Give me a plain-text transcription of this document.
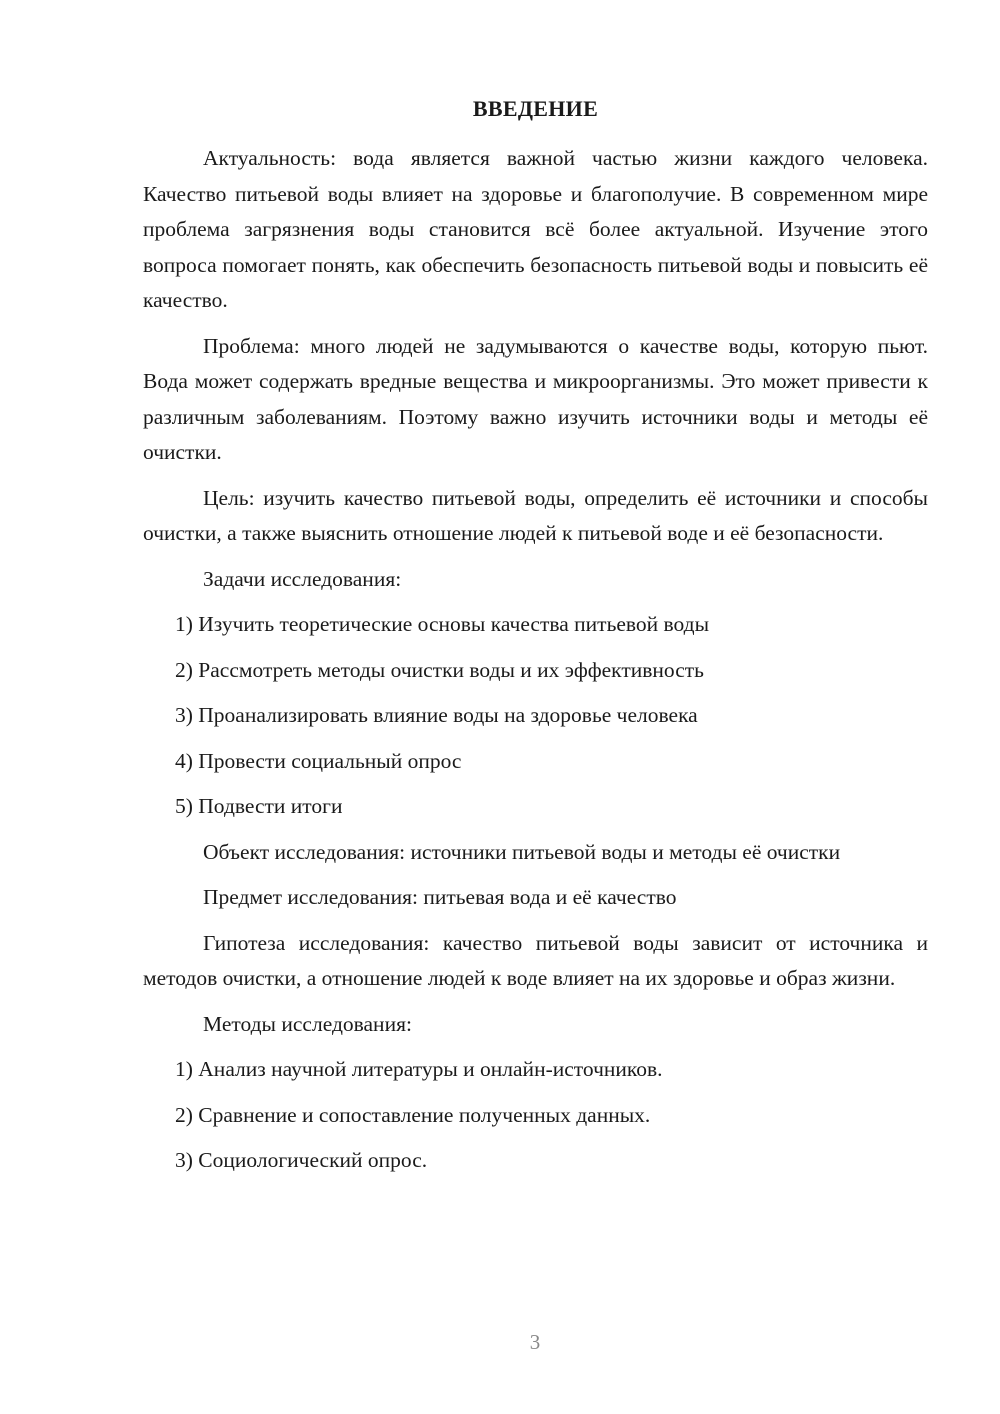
ВВЕДЕНИЕ

Актуальность: вода является важной частью жизни каждого человека. Качество питьевой воды влияет на здоровье и благополучие. В современном мире проблема загрязнения воды становится всё более актуальной. Изучение этого вопроса помогает понять, как обеспечить безопасность питьевой воды и повысить её качество.

Проблема: много людей не задумываются о качестве воды, которую пьют. Вода может содержать вредные вещества и микроорганизмы. Это может привести к различным заболеваниям. Поэтому важно изучить источники воды и методы её очистки.

Цель: изучить качество питьевой воды, определить её источники и способы очистки, а также выяснить отношение людей к питьевой воде и её безопасности.

Задачи исследования:

1) Изучить теоретические основы качества питьевой воды

2) Рассмотреть методы очистки воды и их эффективность

3) Проанализировать влияние воды на здоровье человека

4) Провести социальный опрос

5) Подвести итоги

Объект исследования: источники питьевой воды и методы её очистки

Предмет исследования: питьевая вода и её качество

Гипотеза исследования: качество питьевой воды зависит от источника и методов очистки, а отношение людей к воде влияет на их здоровье и образ жизни.

Методы исследования:

1) Анализ научной литературы и онлайн-источников.

2) Сравнение и сопоставление полученных данных.

3) Социологический опрос.

3
